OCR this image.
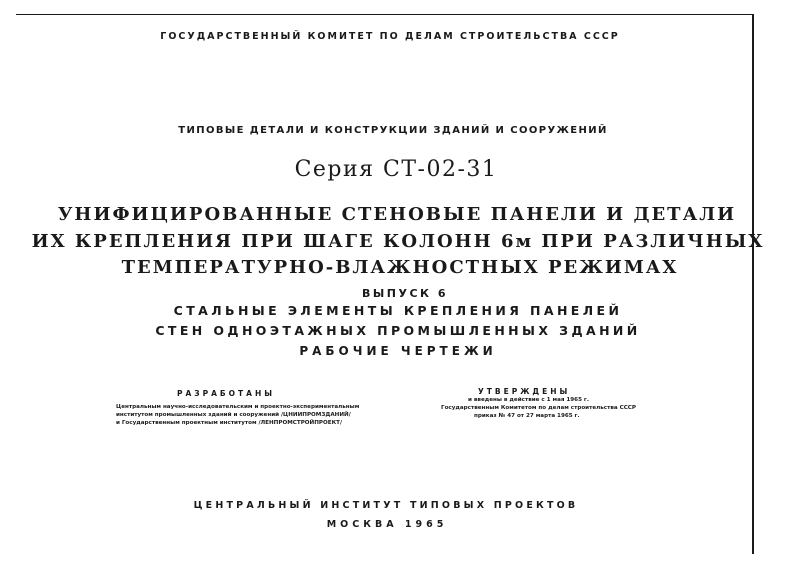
ГОСУДАРСТВЕННЫЙ КОМИТЕТ ПО ДЕЛАМ СТРОИТЕЛЬСТВА СССР
ТИПОВЫЕ ДЕТАЛИ И КОНСТРУКЦИИ ЗДАНИЙ И СООРУЖЕНИЙ
Серия СТ-02-31
УНИФИЦИРОВАННЫЕ СТЕНОВЫЕ ПАНЕЛИ И ДЕТАЛИ
ИХ КРЕПЛЕНИЯ ПРИ ШАГЕ КОЛОНН 6м ПРИ РАЗЛИЧНЫХ
ТЕМПЕРАТУРНО-ВЛАЖНОСТНЫХ РЕЖИМАХ
ВЫПУСК 6
СТАЛЬНЫЕ ЭЛЕМЕНТЫ КРЕПЛЕНИЯ ПАНЕЛЕЙ
СТЕН ОДНОЭТАЖНЫХ ПРОМЫШЛЕННЫХ ЗДАНИЙ
РАБОЧИЕ ЧЕРТЕЖИ
РАЗРАБОТАНЫ
Центральным научно-исследовательским и проектно-экспериментальным
институтом промышленных зданий и сооружений /ЦНИИПРОМЗДАНИЙ/
и Государственным проектным институтом /ЛЕНПРОМСТРОЙПРОЕКТ/
УТВЕРЖДЕНЫ
и введены в действие с 1 мая 1965 г.
Государственным Комитетом по делам строительства СССР
приказ № 47 от 27 марта 1965 г.
ЦЕНТРАЛЬНЫЙ ИНСТИТУТ ТИПОВЫХ ПРОЕКТОВ
МОСКВА 1965
